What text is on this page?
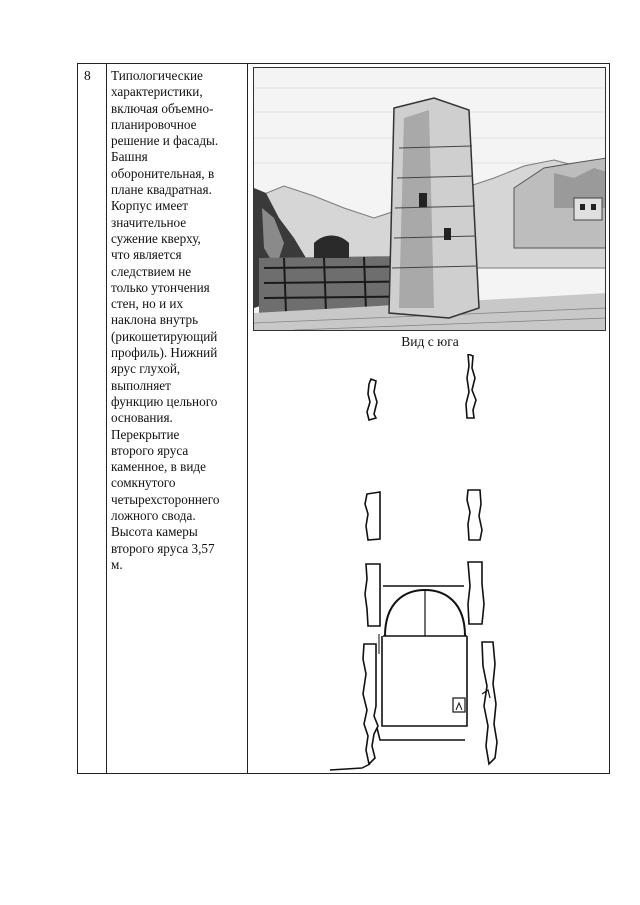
8 Типологические

характеристики,

включая объемно-

планировочное

решение и фасады.

Башня

оборонительная, в

плане квадратная.

Корпус имеет

значительное

сужение кверху,

что является

следствием не

только утончения

стен, но и их

наклона внутрь

(рикошетирующий

профиль). Нижний

ярус глухой,

выполняет

функцию цельного

основания.

Перекрытие

второго яруса

каменное, в виде

сомкнутого

четырехстороннего

ложного свода.

Высота камеры

второго яруса 3,57

м.

Вид с юга
